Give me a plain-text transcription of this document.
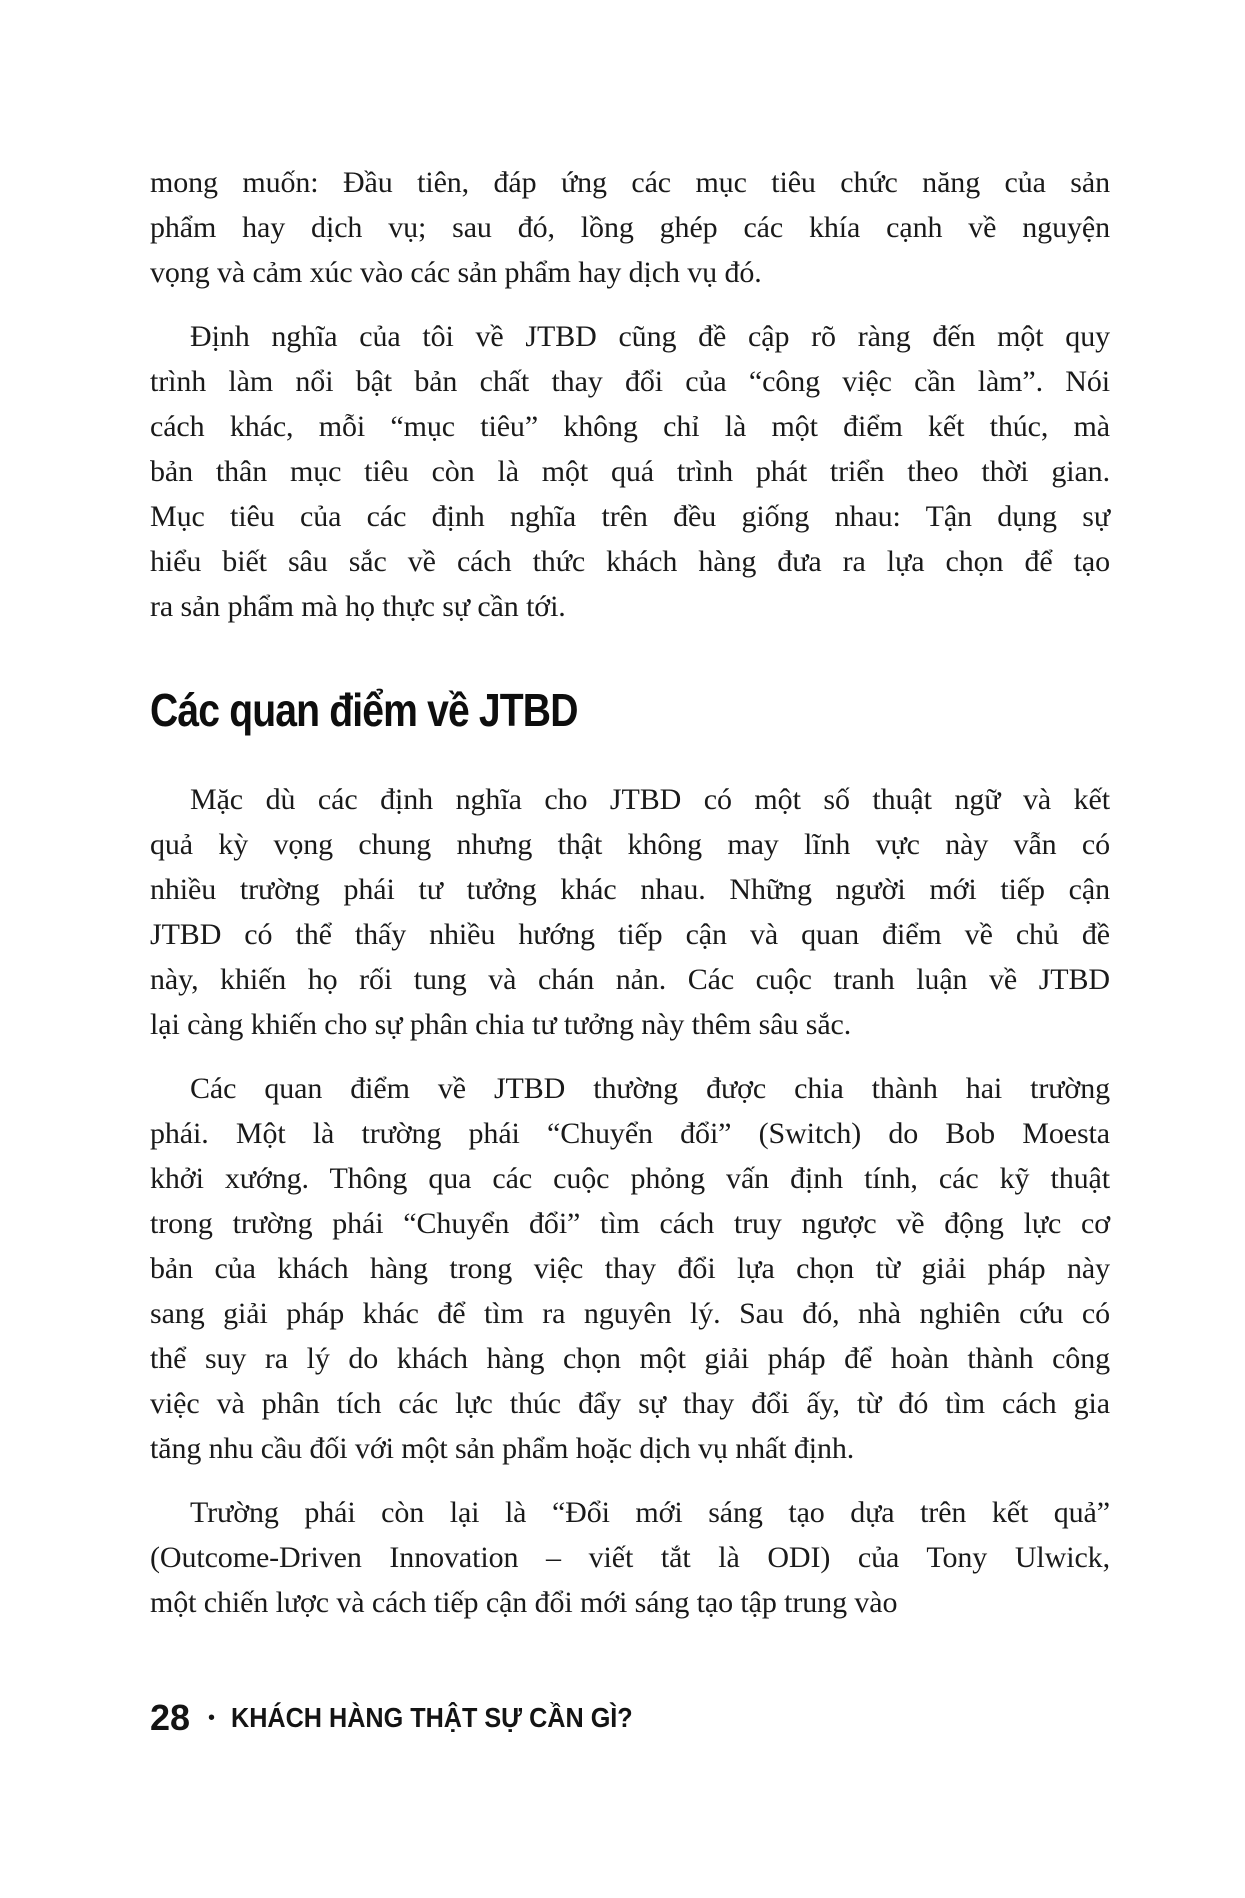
mong muốn: Đầu tiên, đáp ứng các mục tiêu chức năng của sản
phẩm hay dịch vụ; sau đó, lồng ghép các khía cạnh về nguyện
vọng và cảm xúc vào các sản phẩm hay dịch vụ đó.
Định nghĩa của tôi về JTBD cũng đề cập rõ ràng đến một quy
trình làm nổi bật bản chất thay đổi của “công việc cần làm”. Nói
cách khác, mỗi “mục tiêu” không chỉ là một điểm kết thúc, mà
bản thân mục tiêu còn là một quá trình phát triển theo thời gian.
Mục tiêu của các định nghĩa trên đều giống nhau: Tận dụng sự
hiểu biết sâu sắc về cách thức khách hàng đưa ra lựa chọn để tạo
ra sản phẩm mà họ thực sự cần tới.
Các quan điểm về JTBD
Mặc dù các định nghĩa cho JTBD có một số thuật ngữ và kết
quả kỳ vọng chung nhưng thật không may lĩnh vực này vẫn có
nhiều trường phái tư tưởng khác nhau. Những người mới tiếp cận
JTBD có thể thấy nhiều hướng tiếp cận và quan điểm về chủ đề
này, khiến họ rối tung và chán nản. Các cuộc tranh luận về JTBD
lại càng khiến cho sự phân chia tư tưởng này thêm sâu sắc.
Các quan điểm về JTBD thường được chia thành hai trường
phái. Một là trường phái “Chuyển đổi” (Switch) do Bob Moesta
khởi xướng. Thông qua các cuộc phỏng vấn định tính, các kỹ thuật
trong trường phái “Chuyển đổi” tìm cách truy ngược về động lực cơ
bản của khách hàng trong việc thay đổi lựa chọn từ giải pháp này
sang giải pháp khác để tìm ra nguyên lý. Sau đó, nhà nghiên cứu có
thể suy ra lý do khách hàng chọn một giải pháp để hoàn thành công
việc và phân tích các lực thúc đẩy sự thay đổi ấy, từ đó tìm cách gia
tăng nhu cầu đối với một sản phẩm hoặc dịch vụ nhất định.
Trường phái còn lại là “Đổi mới sáng tạo dựa trên kết quả”
(Outcome-Driven Innovation – viết tắt là ODI) của Tony Ulwick,
một chiến lược và cách tiếp cận đổi mới sáng tạo tập trung vào
28 • KHÁCH HÀNG THẬT SỰ CẦN GÌ?
